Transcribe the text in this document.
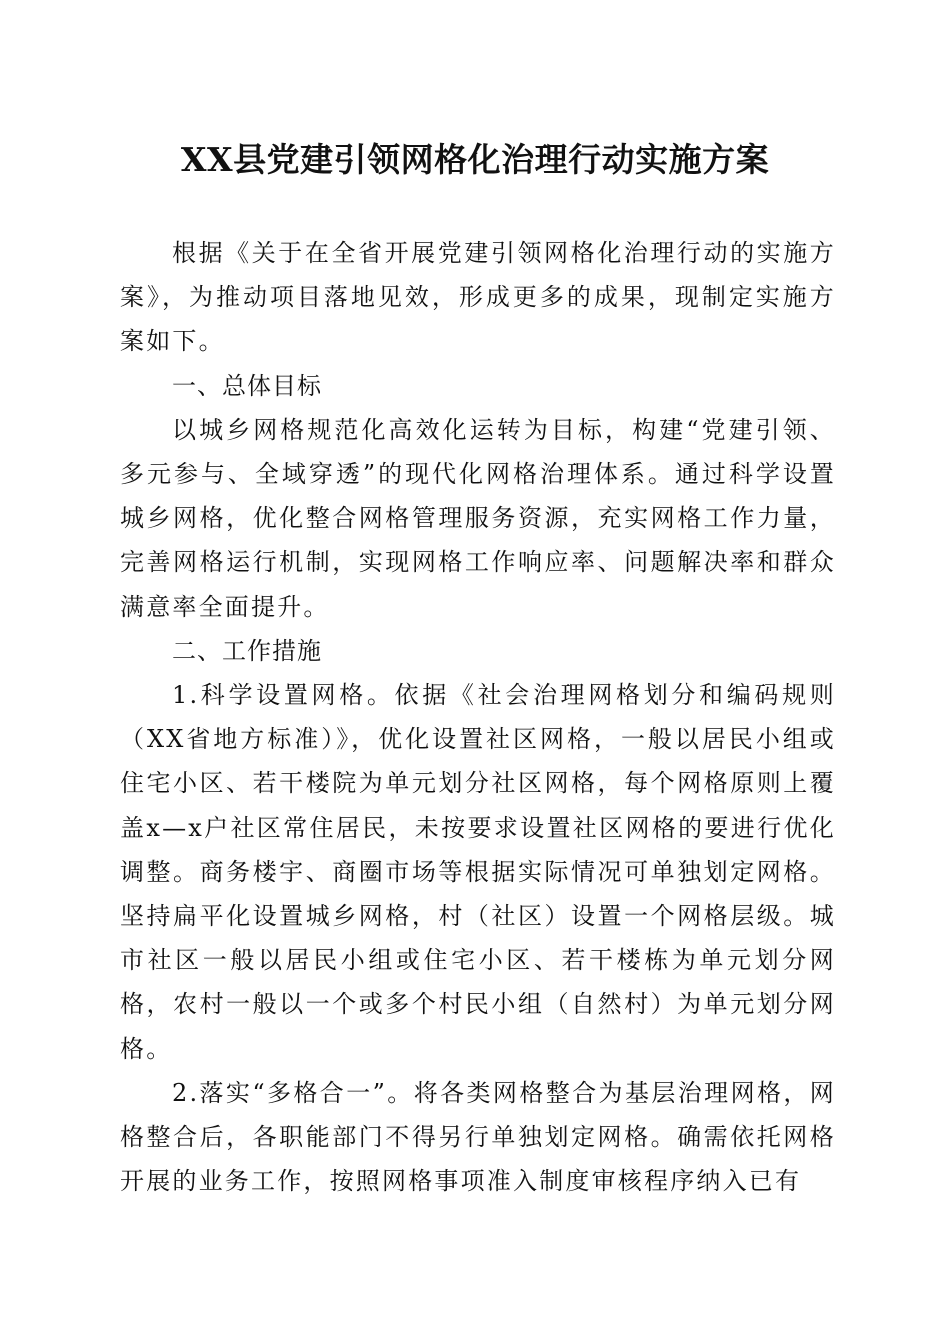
XX县党建引领网格化治理行动实施方案

根据《关于在全省开展党建引领网格化治理行动的实施方案》，为推动项目落地见效，形成更多的成果，现制定实施方案如下。

一、总体目标

以城乡网格规范化高效化运转为目标，构建“党建引领、多元参与、全域穿透”的现代化网格治理体系。通过科学设置城乡网格，优化整合网格管理服务资源，充实网格工作力量，完善网格运行机制，实现网格工作响应率、问题解决率和群众满意率全面提升。

二、工作措施

1.科学设置网格。依据《社会治理网格划分和编码规则（XX省地方标准）》，优化设置社区网格，一般以居民小组或住宅小区、若干楼院为单元划分社区网格，每个网格原则上覆盖x—x户社区常住居民，未按要求设置社区网格的要进行优化调整。商务楼宇、商圈市场等根据实际情况可单独划定网格。坚持扁平化设置城乡网格，村（社区）设置一个网格层级。城市社区一般以居民小组或住宅小区、若干楼栋为单元划分网格，农村一般以一个或多个村民小组（自然村）为单元划分网格。

2.落实“多格合一”。将各类网格整合为基层治理网格，网格整合后，各职能部门不得另行单独划定网格。确需依托网格开展的业务工作，按照网格事项准入制度审核程序纳入已有
